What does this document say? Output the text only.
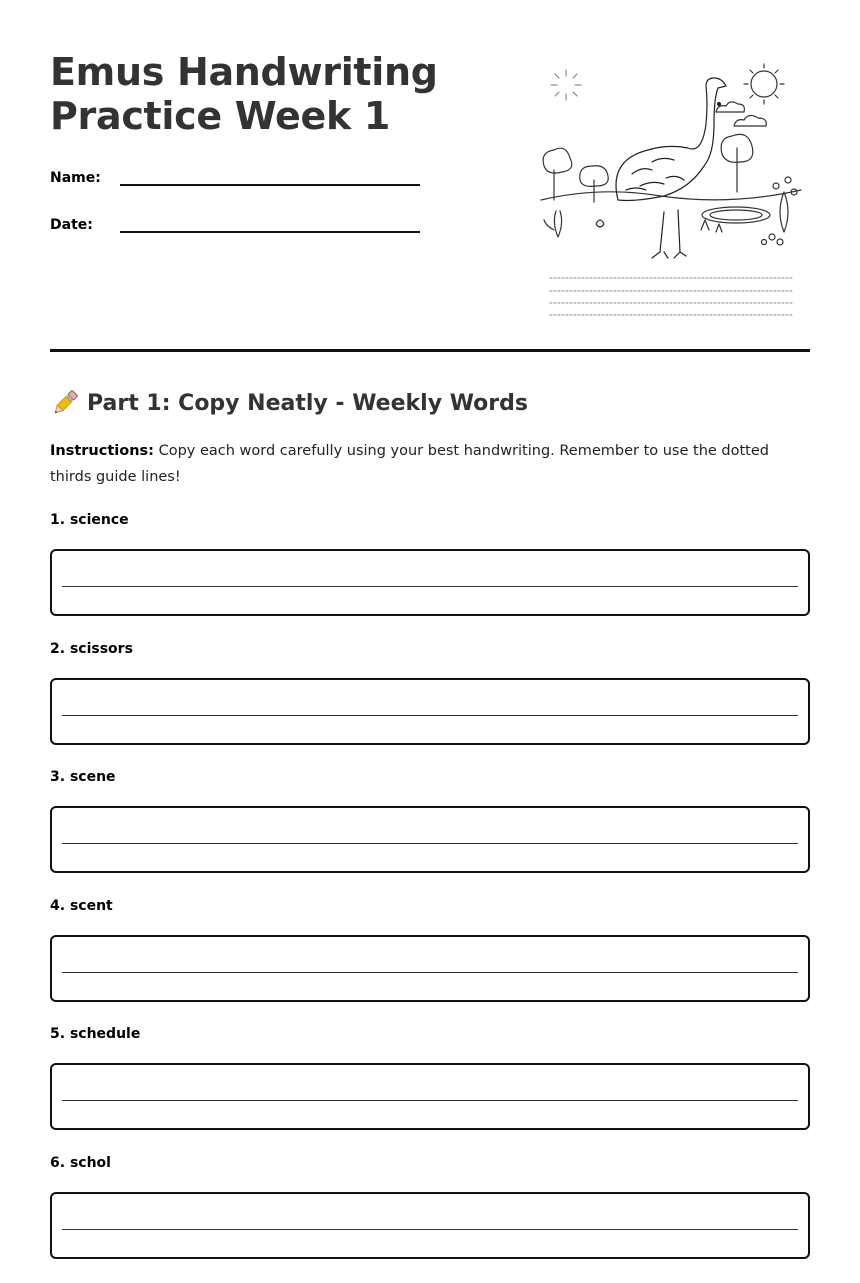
Emus Handwriting
Practice Week 1
Name:
Date:
Part 1: Copy Neatly - Weekly Words

Instructions: Copy each word carefully using your best handwriting. Remember to use the dotted thirds guide lines!

1 . science
2 . scissors
3 . scene
4 . scent
5 . schedule
6 . schol
